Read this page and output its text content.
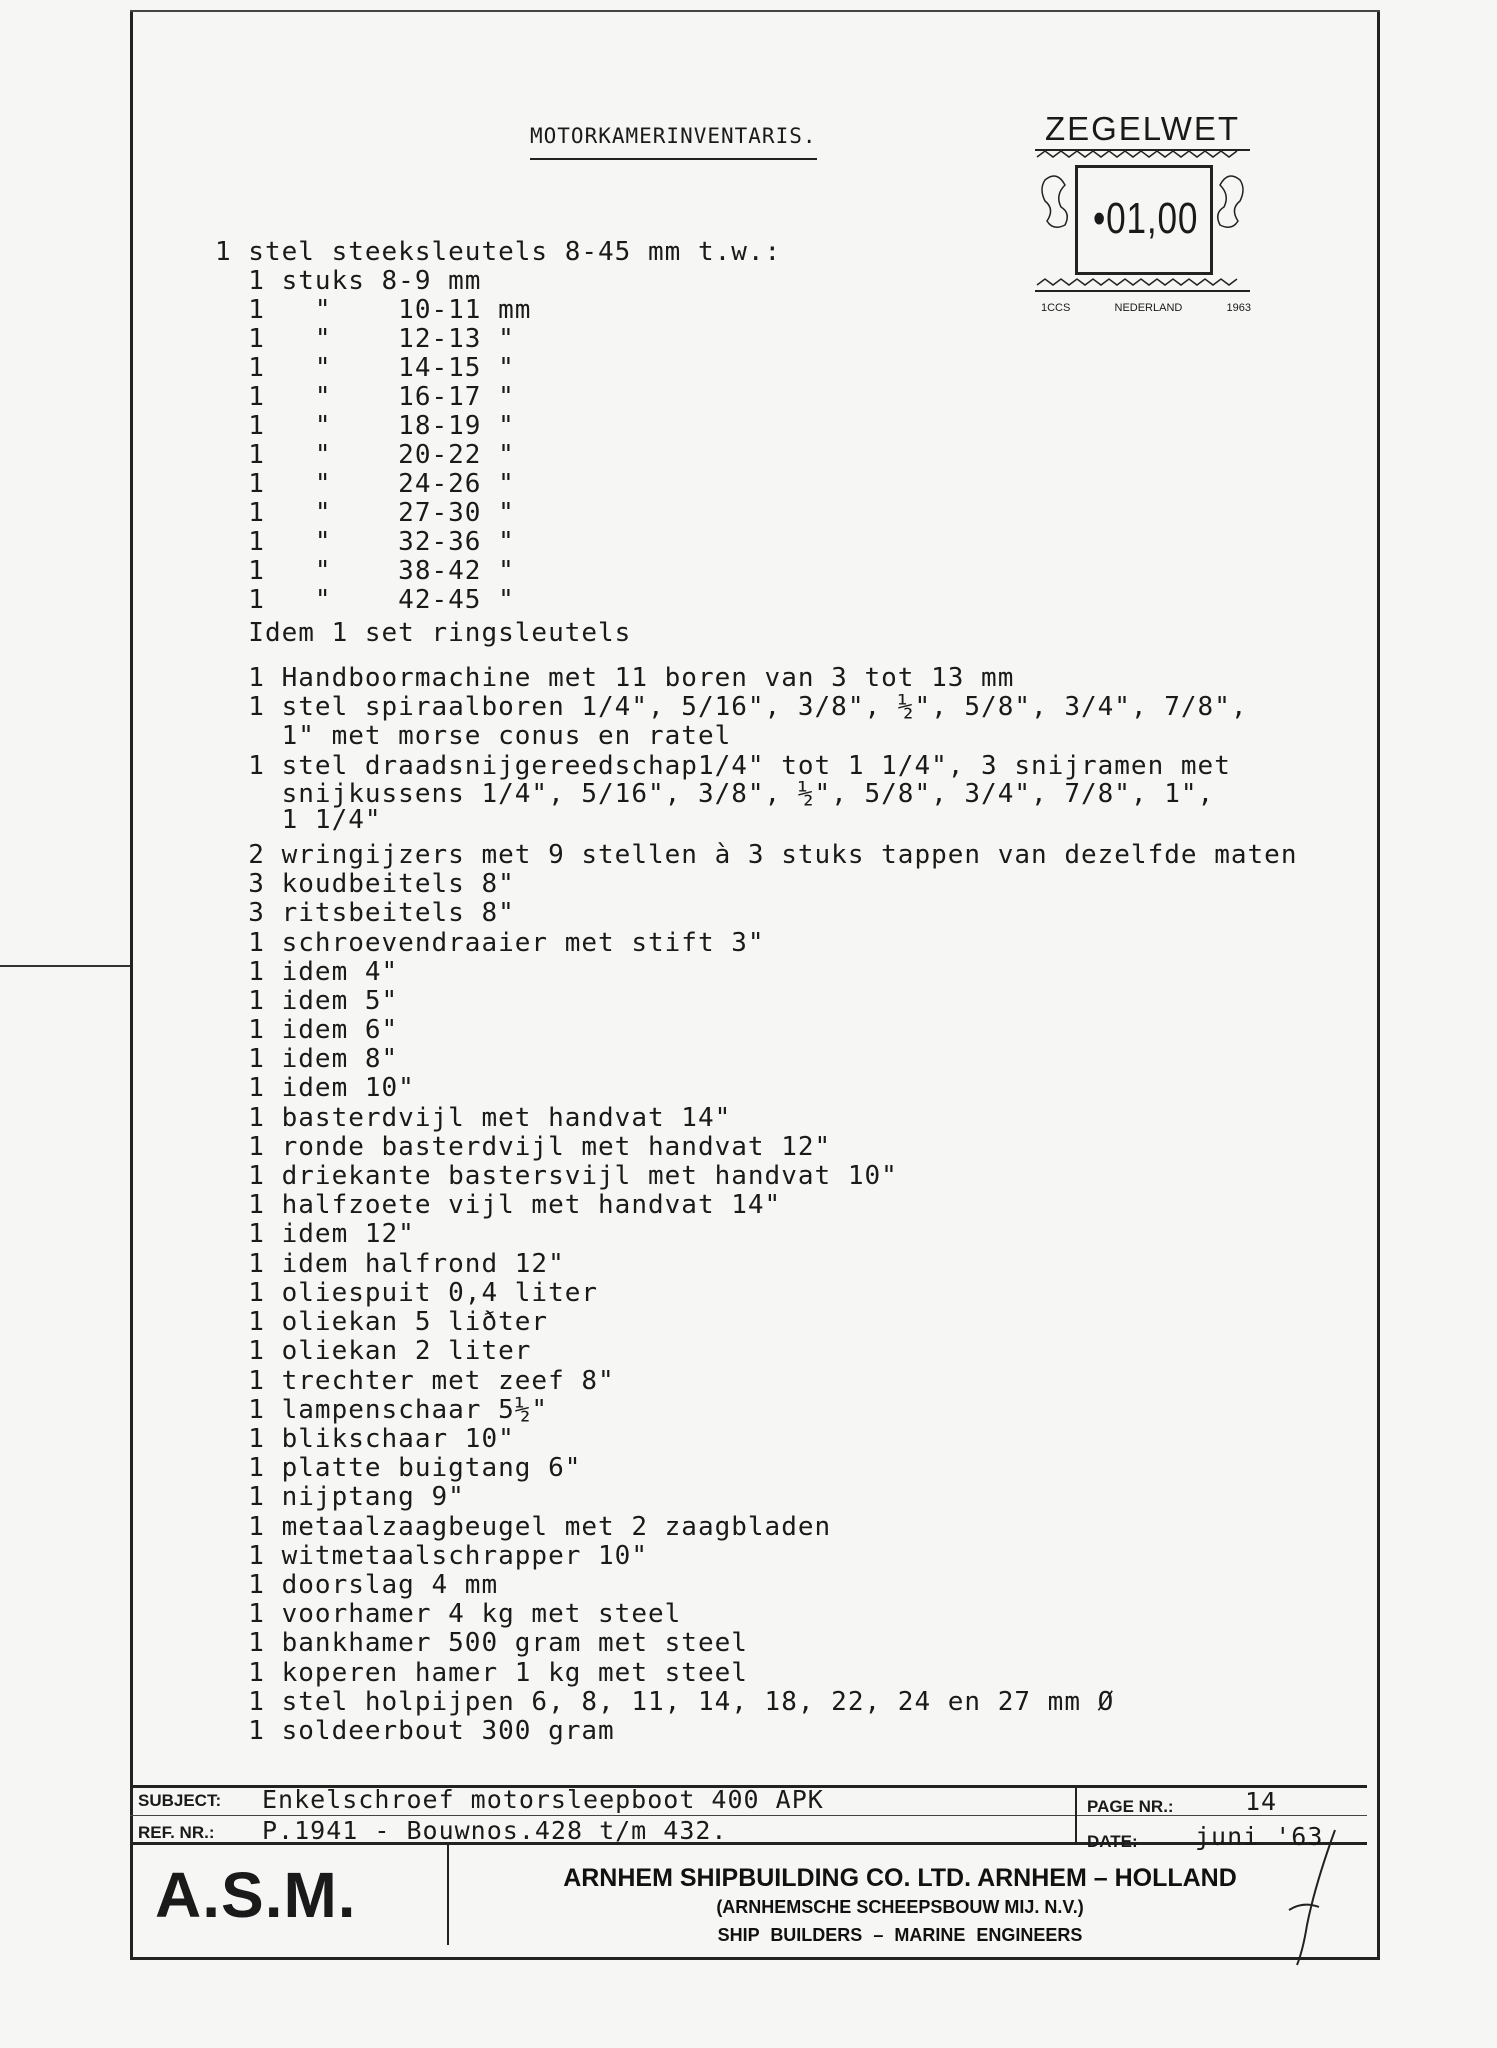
MOTORKAMERINVENTARIS.	ZEGELWET
•01,00
1CCS	NEDERLAND	1963
1 stel steeksleutels 8-45 mm t.w.:
1 stuks 8-9 mm
1   "    10-11 mm
1   "    12-13 "
1   "    14-15 "
1   "    16-17 "
1   "    18-19 "
1   "    20-22 "
1   "    24-26 "
1   "    27-30 "
1   "    32-36 "
1   "    38-42 "
1   "    42-45 "
Idem 1 set ringsleutels
1 Handboormachine met 11 boren van 3 tot 13 mm
1 stel spiraalboren 1/4", 5/16", 3/8", ½", 5/8", 3/4", 7/8",
1" met morse conus en ratel
1 stel draadsnijgereedschap1/4" tot 1 1/4", 3 snijramen met
snijkussens 1/4", 5/16", 3/8", ½", 5/8", 3/4", 7/8", 1",
1 1/4"
2 wringijzers met 9 stellen à 3 stuks tappen van dezelfde maten
3 koudbeitels 8"
3 ritsbeitels 8"
1 schroevendraaier met stift 3"
1 idem 4"
1 idem 5"
1 idem 6"
1 idem 8"
1 idem 10"
1 basterdvijl met handvat 14"
1 ronde basterdvijl met handvat 12"
1 driekante bastersvijl met handvat 10"
1 halfzoete vijl met handvat 14"
1 idem 12"
1 idem halfrond 12"
1 oliespuit 0,4 liter
1 oliekan 5 liðter
1 oliekan 2 liter
1 trechter met zeef 8"
1 lampenschaar 5½"
1 blikschaar 10"
1 platte buigtang 6"
1 nijptang 9"
1 metaalzaagbeugel met 2 zaagbladen
1 witmetaalschrapper 10"
1 doorslag 4 mm
1 voorhamer 4 kg met steel
1 bankhamer 500 gram met steel
1 koperen hamer 1 kg met steel
1 stel holpijpen 6, 8, 11, 14, 18, 22, 24 en 27 mm Ø
1 soldeerbout 300 gram
SUBJECT: Enkelschroef motorsleepboot 400 APK
REF. NR.: P.1941 - Bouwnos.428 t/m 432.
PAGE NR.:	14
DATE: juni '63
A.S.M.	ARNHEM SHIPBUILDING CO. LTD. ARNHEM – HOLLAND
(ARNHEMSCHE SCHEEPSBOUW MIJ. N.V.)
SHIP BUILDERS – MARINE ENGINEERS
